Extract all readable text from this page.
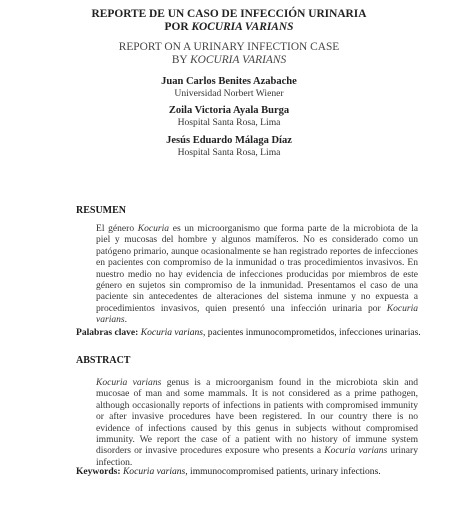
REPORTE DE UN CASO DE INFECCIÓN URINARIA
POR KOCURIA VARIANS
REPORT ON A URINARY INFECTION CASE
BY KOCURIA VARIANS
Juan Carlos Benites Azabache
Universidad Norbert Wiener
Zoila Victoria Ayala Burga
Hospital Santa Rosa, Lima
Jesús Eduardo Málaga Díaz
Hospital Santa Rosa, Lima
RESUMEN
El género Kocuria es un microorganismo que forma parte de la microbiota de la piel y mucosas del hombre y algunos mamíferos. No es considerado como un patógeno primario, aunque ocasionalmente se han registrado reportes de infecciones en pacientes con compromiso de la inmunidad o tras procedimientos invasivos. En nuestro medio no hay evidencia de infecciones producidas por miembros de este género en sujetos sin compromiso de la inmunidad. Presentamos el caso de una paciente sin antecedentes de alteraciones del sistema inmune y no expuesta a procedimientos invasivos, quien presentó una infección urinaria por Kocuria varians.
Palabras clave: Kocuria varians, pacientes inmunocomprometidos, infecciones urinarias.
ABSTRACT
Kocuria varians genus is a microorganism found in the microbiota skin and mucosae of man and some mammals. It is not considered as a prime pathogen, although occasionally reports of infections in patients with compromised immunity or after invasive procedures have been registered. In our country there is no evidence of infections caused by this genus in subjects without compromised immunity. We report the case of a patient with no history of immune system disorders or invasive procedures exposure who presents a Kocuria varians urinary infection.
Keywords: Kocuria varians, immunocompromised patients, urinary infections.
